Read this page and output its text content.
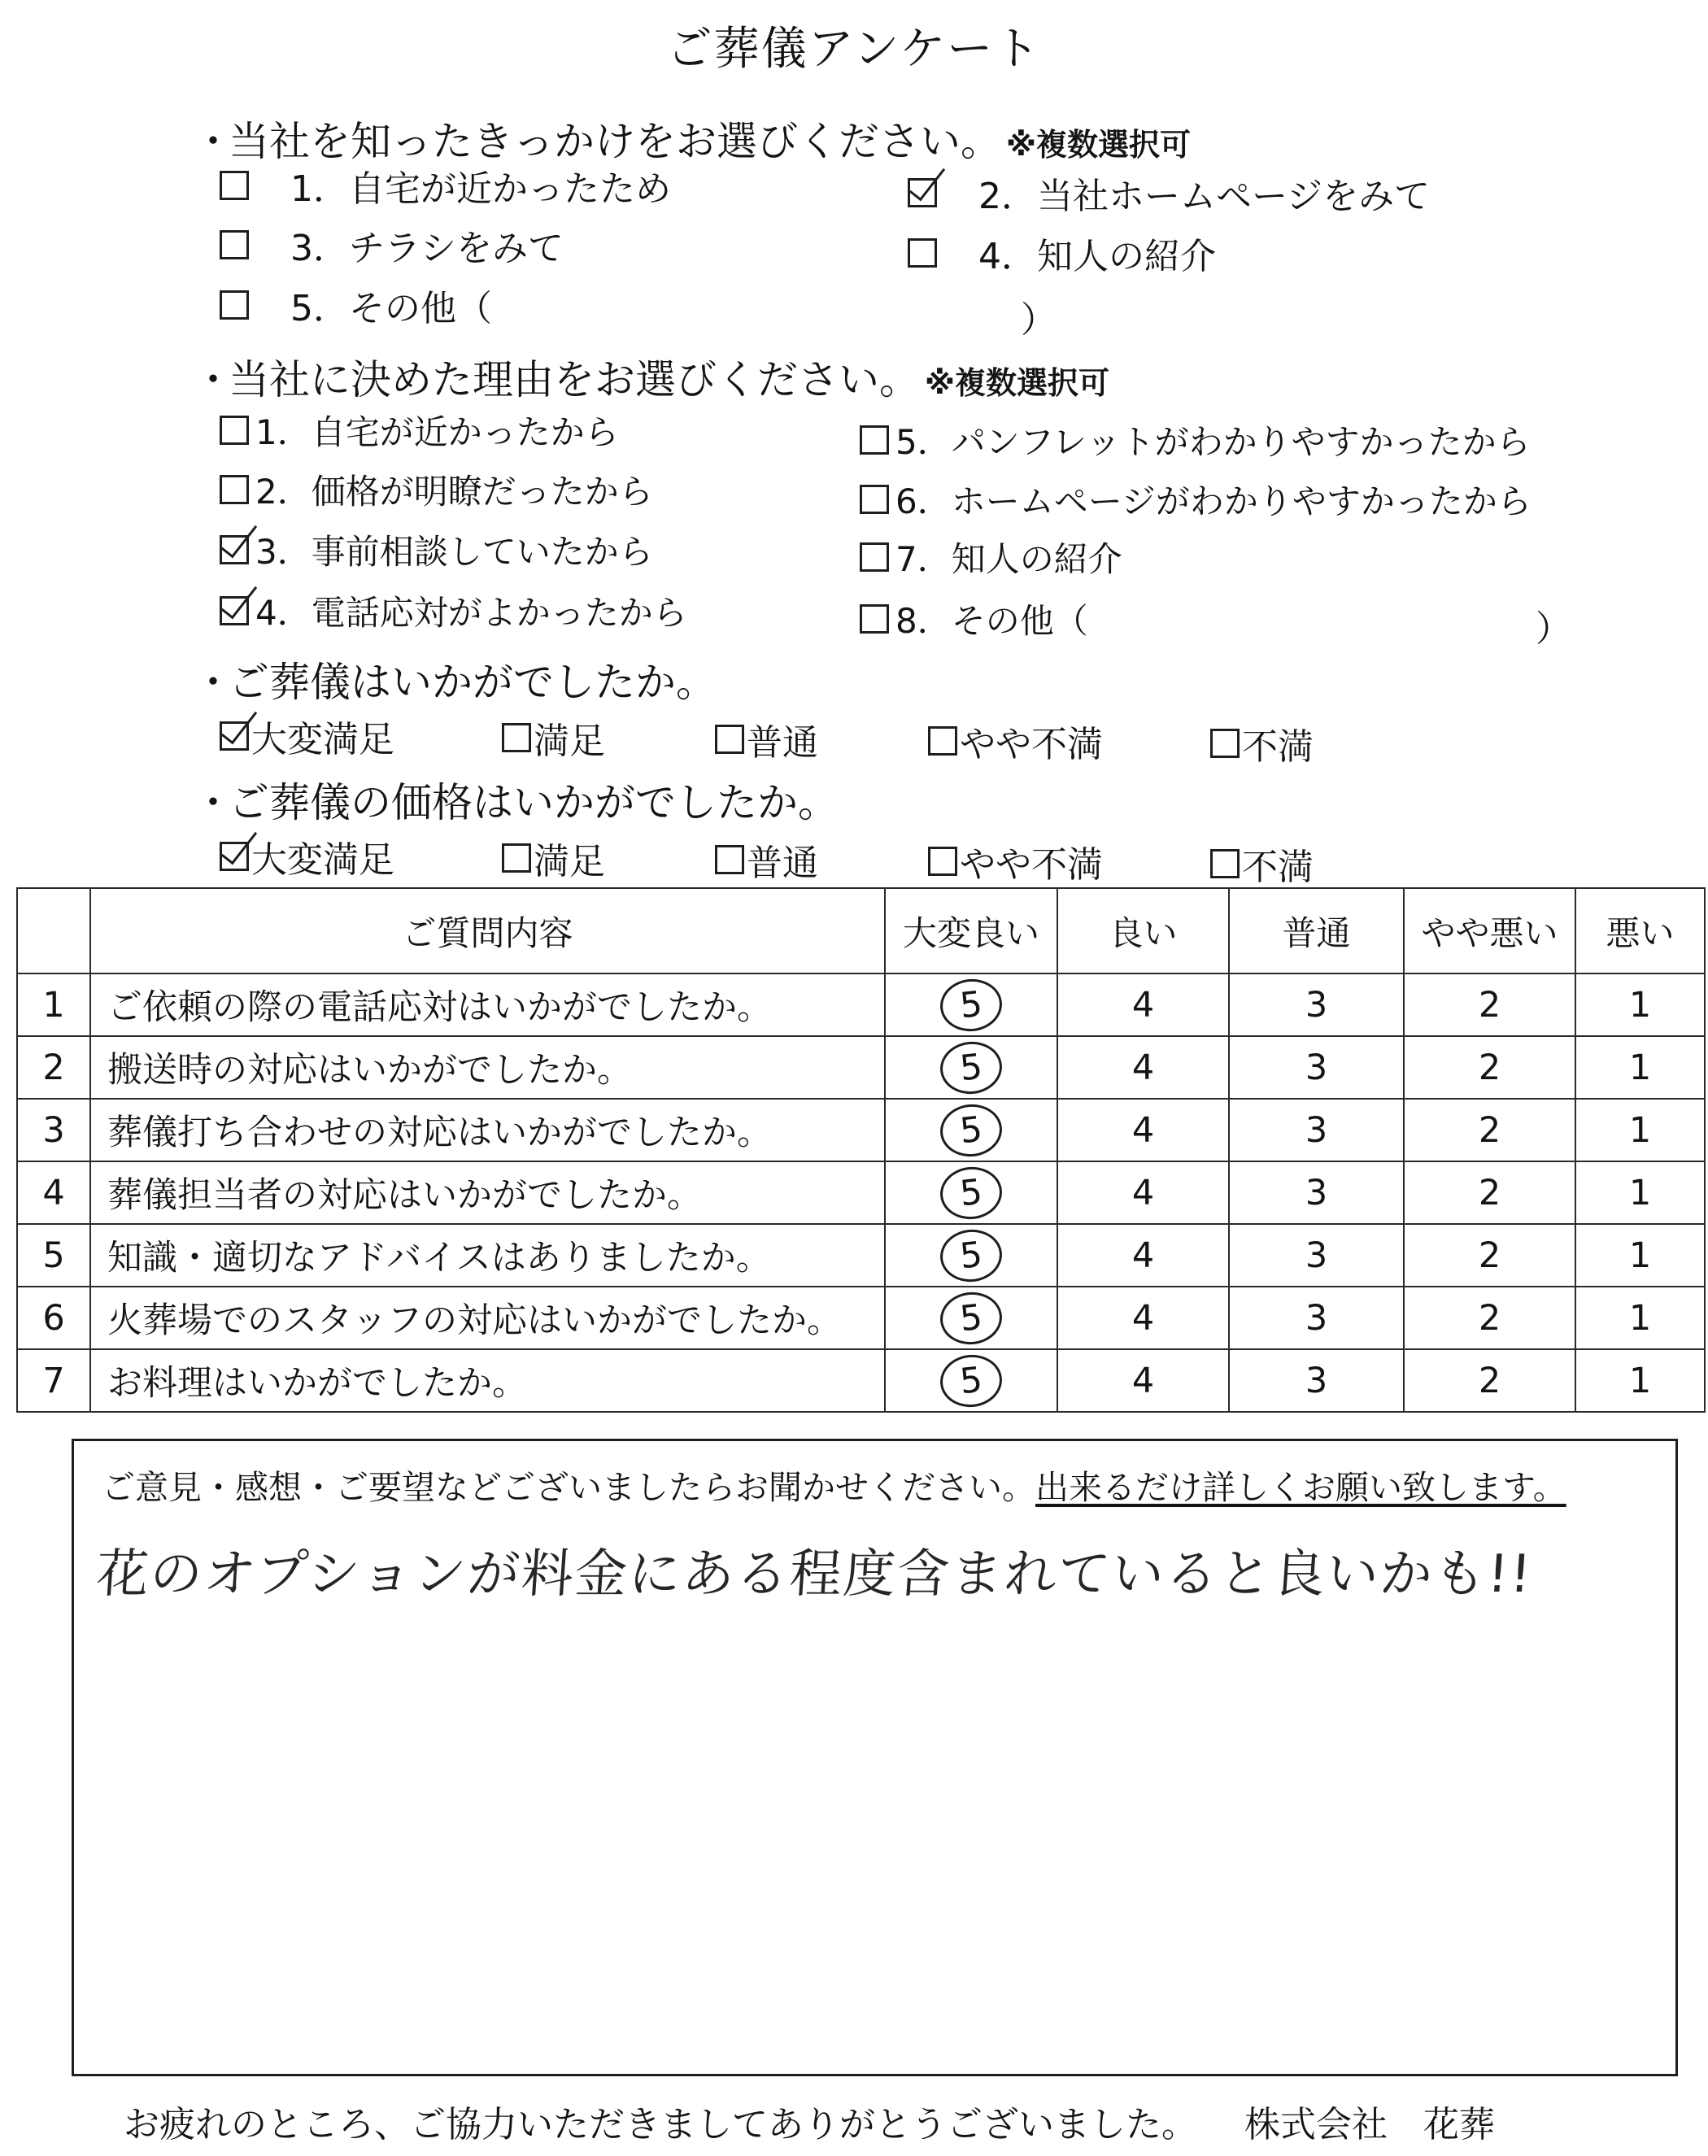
ご葬儀アンケート
・
当社を知ったきっかけをお選びください。 ※複数選択可
1．自宅が近かったため	2．当社ホームページをみて
3．チラシをみて	4．知人の紹介
5．その他（	）
・
当社に決めた理由をお選びください。 ※複数選択可
1．自宅が近かったから
2．価格が明瞭だったから
3．事前相談していたから
4．電話応対がよかったから
5．パンフレットがわかりやすかったから
6．ホームページがわかりやすかったから
7．知人の紹介
8．その他（	）
・
ご葬儀はいかがでしたか。
大変満足	満足	普通	やや不満	不満
・
ご葬儀の価格はいかがでしたか。
大変満足	満足	普通	やや不満	不満
	ご質問内容	大変良い	良い	普通	やや悪い	悪い
1	ご依頼の際の電話応対はいかがでしたか。	5	4	3	2	1
2	搬送時の対応はいかがでしたか。	5	4	3	2	1
3	葬儀打ち合わせの対応はいかがでしたか。	5	4	3	2	1
4	葬儀担当者の対応はいかがでしたか。	5	4	3	2	1
5	知識・適切なアドバイスはありましたか。	5	4	3	2	1
6	火葬場でのスタッフの対応はいかがでしたか。	5	4	3	2	1
7	お料理はいかがでしたか。	5	4	3	2	1
ご意見・感想・ご要望などございましたらお聞かせください。出来るだけ詳しくお願い致します。
花のオプションが料金にある程度含まれていると良いかも!!
お疲れのところ、ご協力いただきましてありがとうございました。 株式会社　花葬
